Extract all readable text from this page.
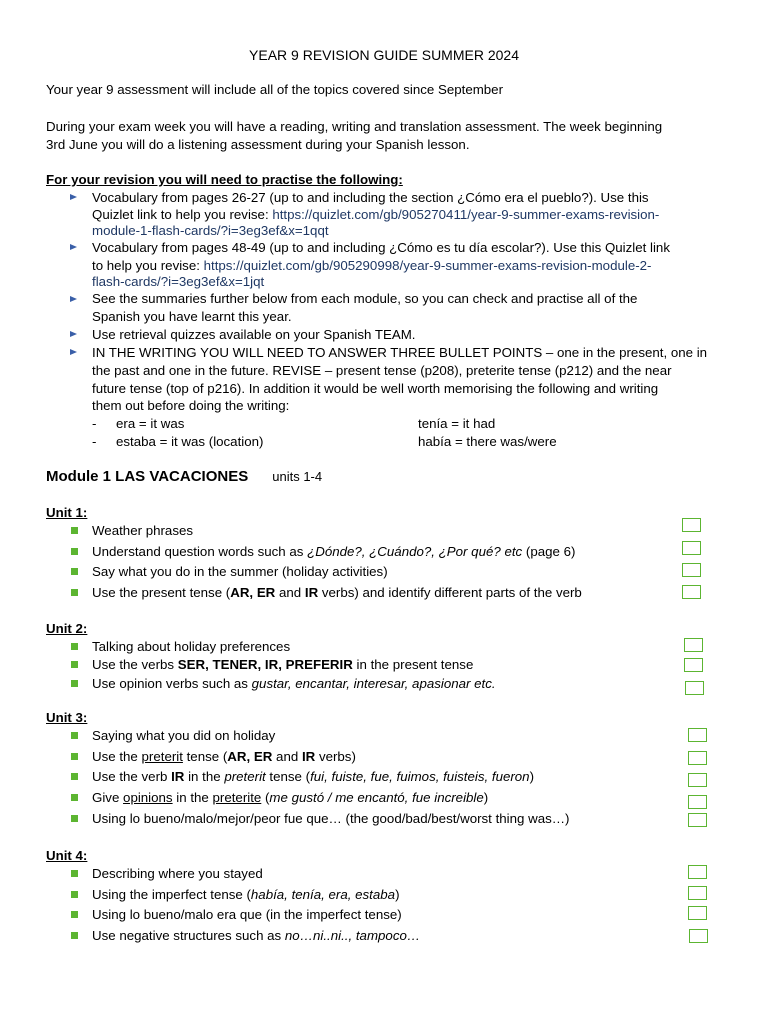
YEAR 9 REVISION GUIDE SUMMER 2024
Your year 9 assessment will include all of the topics covered since September
During your exam week you will have a reading, writing and translation assessment. The week beginning
3rd June you will do a listening assessment during your Spanish lesson.
For your revision you will need to practise the following:
Vocabulary from pages 26-27 (up to and including the section ¿Cómo era el pueblo?). Use this
Quizlet link to help you revise: https://quizlet.com/gb/905270411/year-9-summer-exams-revision-
module-1-flash-cards/?i=3eg3ef&x=1qqt
Vocabulary from pages 48-49 (up to and including ¿Cómo es tu día escolar?). Use this Quizlet link
to help you revise: https://quizlet.com/gb/905290998/year-9-summer-exams-revision-module-2-
flash-cards/?i=3eg3ef&x=1jqt
See the summaries further below from each module, so you can check and practise all of the
Spanish you have learnt this year.
Use retrieval quizzes available on your Spanish TEAM.
IN THE WRITING YOU WILL NEED TO ANSWER THREE BULLET POINTS – one in the present, one in
the past and one in the future. REVISE – present tense (p208), preterite tense (p212) and the near
future tense (top of p216). In addition it would be well worth memorising the following and writing
them out before doing the writing:
- era = it was	tenía = it had
- estaba = it was (location)	había = there was/were
Module 1 LAS VACACIONES units 1-4
Unit 1:
Weather phrases
Understand question words such as ¿Dónde?, ¿Cuándo?, ¿Por qué? etc (page 6)
Say what you do in the summer (holiday activities)
Use the present tense (AR, ER and IR verbs) and identify different parts of the verb
Unit 2:
Talking about holiday preferences
Use the verbs SER, TENER, IR, PREFERIR in the present tense
Use opinion verbs such as gustar, encantar, interesar, apasionar etc.
Unit 3:
Saying what you did on holiday
Use the preterit tense (AR, ER and IR verbs)
Use the verb IR in the preterit tense (fui, fuiste, fue, fuimos, fuisteis, fueron)
Give opinions in the preterite (me gustó / me encantó, fue increible)
Using lo bueno/malo/mejor/peor fue que… (the good/bad/best/worst thing was…)
Unit 4:
Describing where you stayed
Using the imperfect tense (había, tenía, era, estaba)
Using lo bueno/malo era que (in the imperfect tense)
Use negative structures such as no…ni..ni.., tampoco…
